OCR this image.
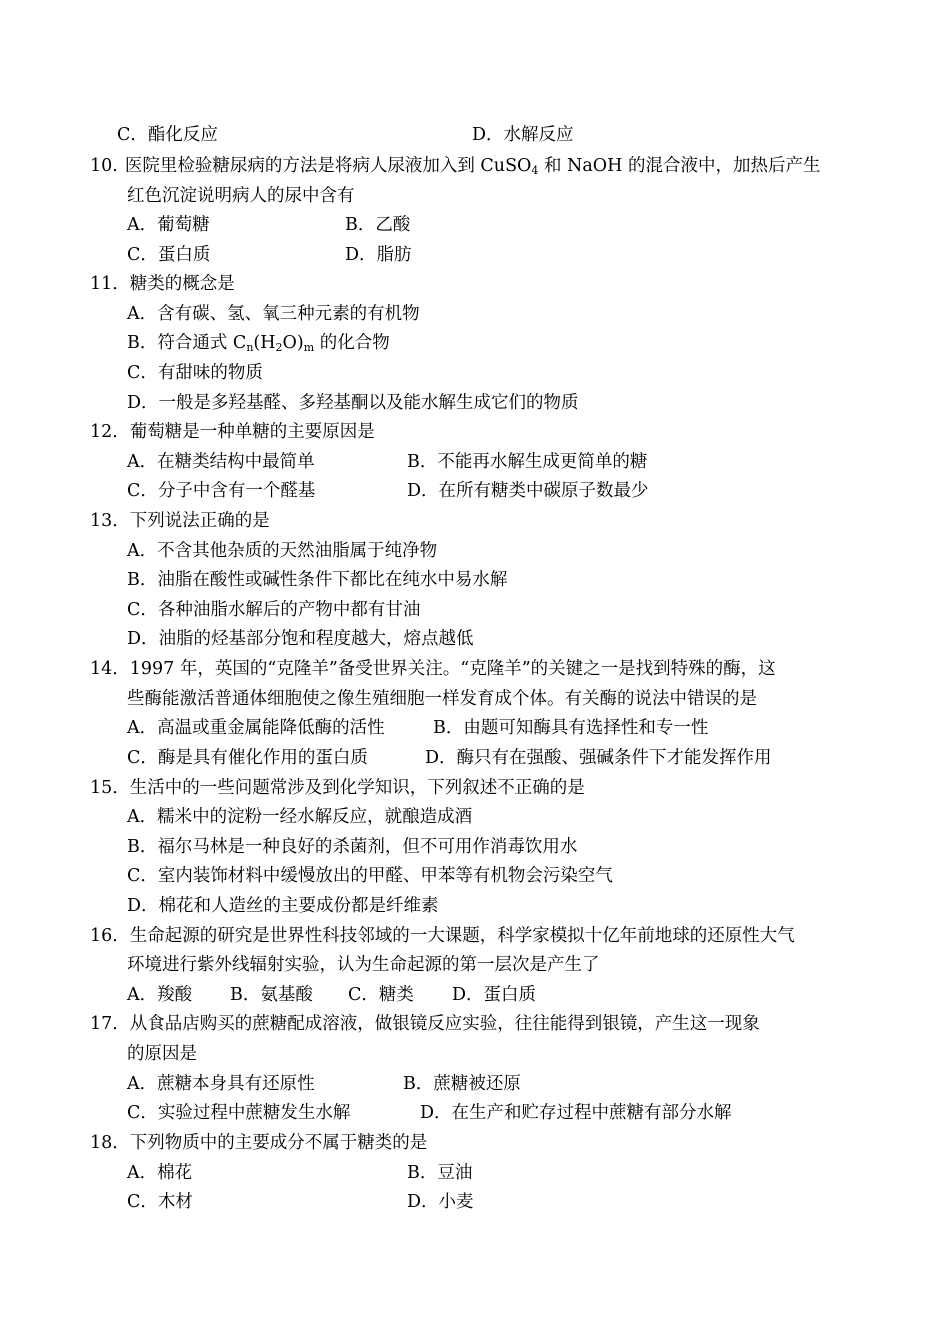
C．酯化反应	D．水解反应
10. 医院里检验糖尿病的方法是将病人尿液加入到 CuSO$_4$ 和 NaOH 的混合液中，加热后产生
红色沉淀说明病人的尿中含有
A．葡萄糖	B．乙酸
C．蛋白质	D．脂肪
11．糖类的概念是
A．含有碳、氢、氧三种元素的有机物
B．符合通式 $C_n(H_2O)_m$ 的化合物
C．有甜味的物质
D．一般是多羟基醛、多羟基酮以及能水解生成它们的物质
12．葡萄糖是一种单糖的主要原因是
A．在糖类结构中最简单	B．不能再水解生成更简单的糖
C．分子中含有一个醛基	D．在所有糖类中碳原子数最少
13．下列说法正确的是
A．不含其他杂质的天然油脂属于纯净物
B．油脂在酸性或碱性条件下都比在纯水中易水解
C．各种油脂水解后的产物中都有甘油
D．油脂的烃基部分饱和程度越大，熔点越低
14．1997 年，英国的“克隆羊”备受世界关注。“克隆羊”的关键之一是找到特殊的酶，这
些酶能激活普通体细胞使之像生殖细胞一样发育成个体。有关酶的说法中错误的是
A．高温或重金属能降低酶的活性	B．由题可知酶具有选择性和专一性
C．酶是具有催化作用的蛋白质	D．酶只有在强酸、强碱条件下才能发挥作用
15．生活中的一些问题常涉及到化学知识，下列叙述不正确的是
A．糯米中的淀粉一经水解反应，就酿造成酒
B．福尔马林是一种良好的杀菌剂，但不可用作消毒饮用水
C．室内装饰材料中缓慢放出的甲醛、甲苯等有机物会污染空气
D．棉花和人造丝的主要成份都是纤维素
16．生命起源的研究是世界性科技邻域的一大课题，科学家模拟十亿年前地球的还原性大气
环境进行紫外线辐射实验，认为生命起源的第一层次是产生了
A．羧酸 B．氨基酸 C．糖类 D．蛋白质
17．从食品店购买的蔗糖配成溶液，做银镜反应实验，往往能得到银镜，产生这一现象
的原因是
A．蔗糖本身具有还原性	B．蔗糖被还原
C．实验过程中蔗糖发生水解	D．在生产和贮存过程中蔗糖有部分水解
18．下列物质中的主要成分不属于糖类的是
A．棉花	B．豆油
C．木材	D．小麦
